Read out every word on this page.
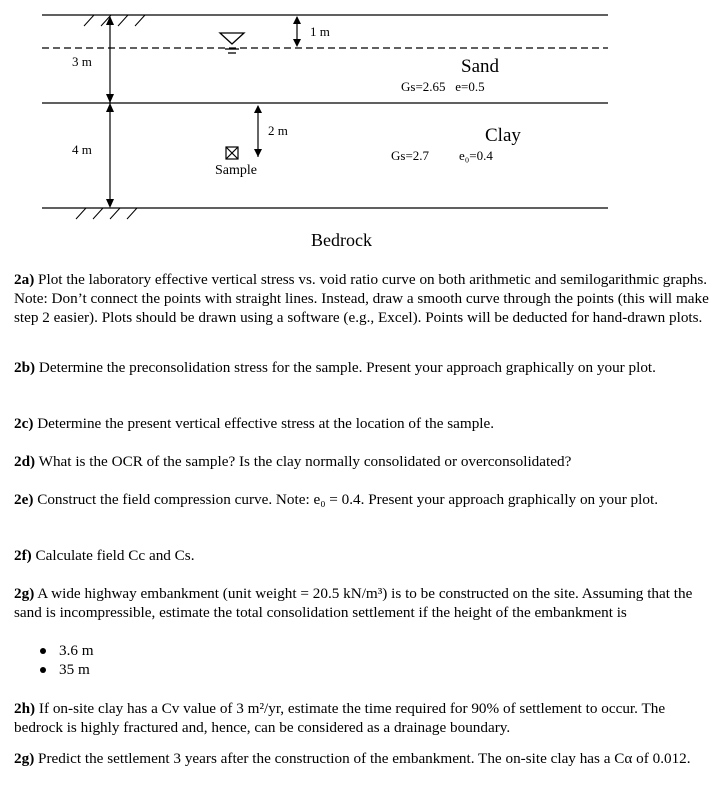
1 m
3 m
4 m
2 m
Sand
Gs=2.65   e=0.5
Clay
Gs=2.7 e₀=0.4
Sample
Bedrock

2a) Plot the laboratory effective vertical stress vs. void ratio curve on both arithmetic and semilogarithmic graphs. Note: Don’t connect the points with straight lines. Instead, draw a smooth curve through the points (this will make step 2 easier). Plots should be drawn using a software (e.g., Excel). Points will be deducted for hand-drawn plots.

2b) Determine the preconsolidation stress for the sample. Present your approach graphically on your plot.

2c) Determine the present vertical effective stress at the location of the sample.

2d) What is the OCR of the sample? Is the clay normally consolidated or overconsolidated?

2e) Construct the field compression curve. Note: e₀ = 0.4. Present your approach graphically on your plot.

2f) Calculate field Cc and Cs.

2g) A wide highway embankment (unit weight = 20.5 kN/m³) is to be constructed on the site. Assuming that the sand is incompressible, estimate the total consolidation settlement if the height of the embankment is

3.6 m
35 m

2h) If on-site clay has a Cv value of 3 m²/yr, estimate the time required for 90% of settlement to occur. The bedrock is highly fractured and, hence, can be considered as a drainage boundary.

2g) Predict the settlement 3 years after the construction of the embankment. The on-site clay has a Cα of 0.012.
